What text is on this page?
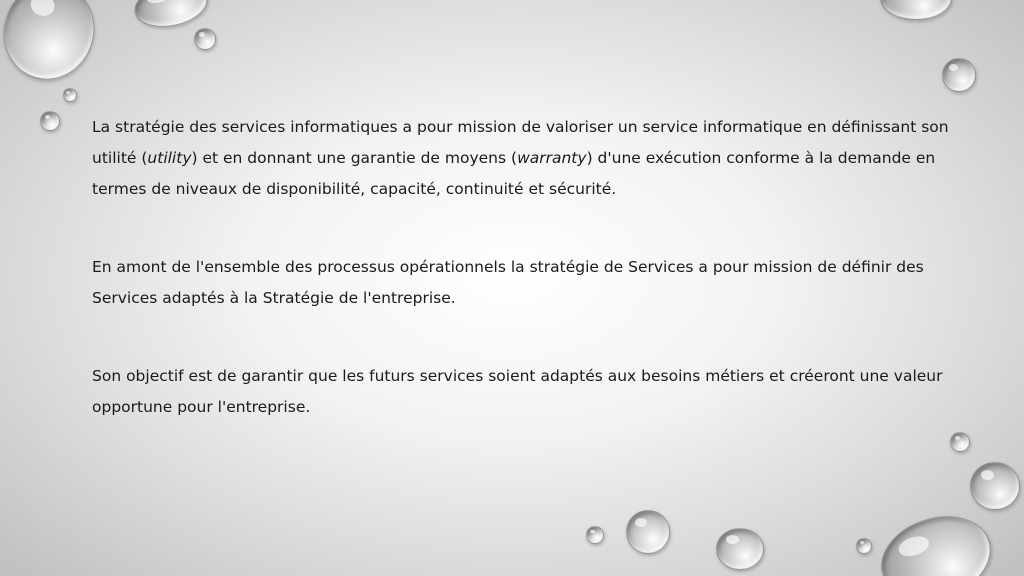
La stratégie des services informatiques a pour mission de valoriser un service informatique en définissant son utilité (utility) et en donnant une garantie de moyens (warranty) d'une exécution conforme à la demande en termes de niveaux de disponibilité, capacité, continuité et sécurité.

En amont de l'ensemble des processus opérationnels la stratégie de Services a pour mission de définir des Services adaptés à la Stratégie de l'entreprise.

Son objectif est de garantir que les futurs services soient adaptés aux besoins métiers et créeront une valeur opportune pour l'entreprise.
